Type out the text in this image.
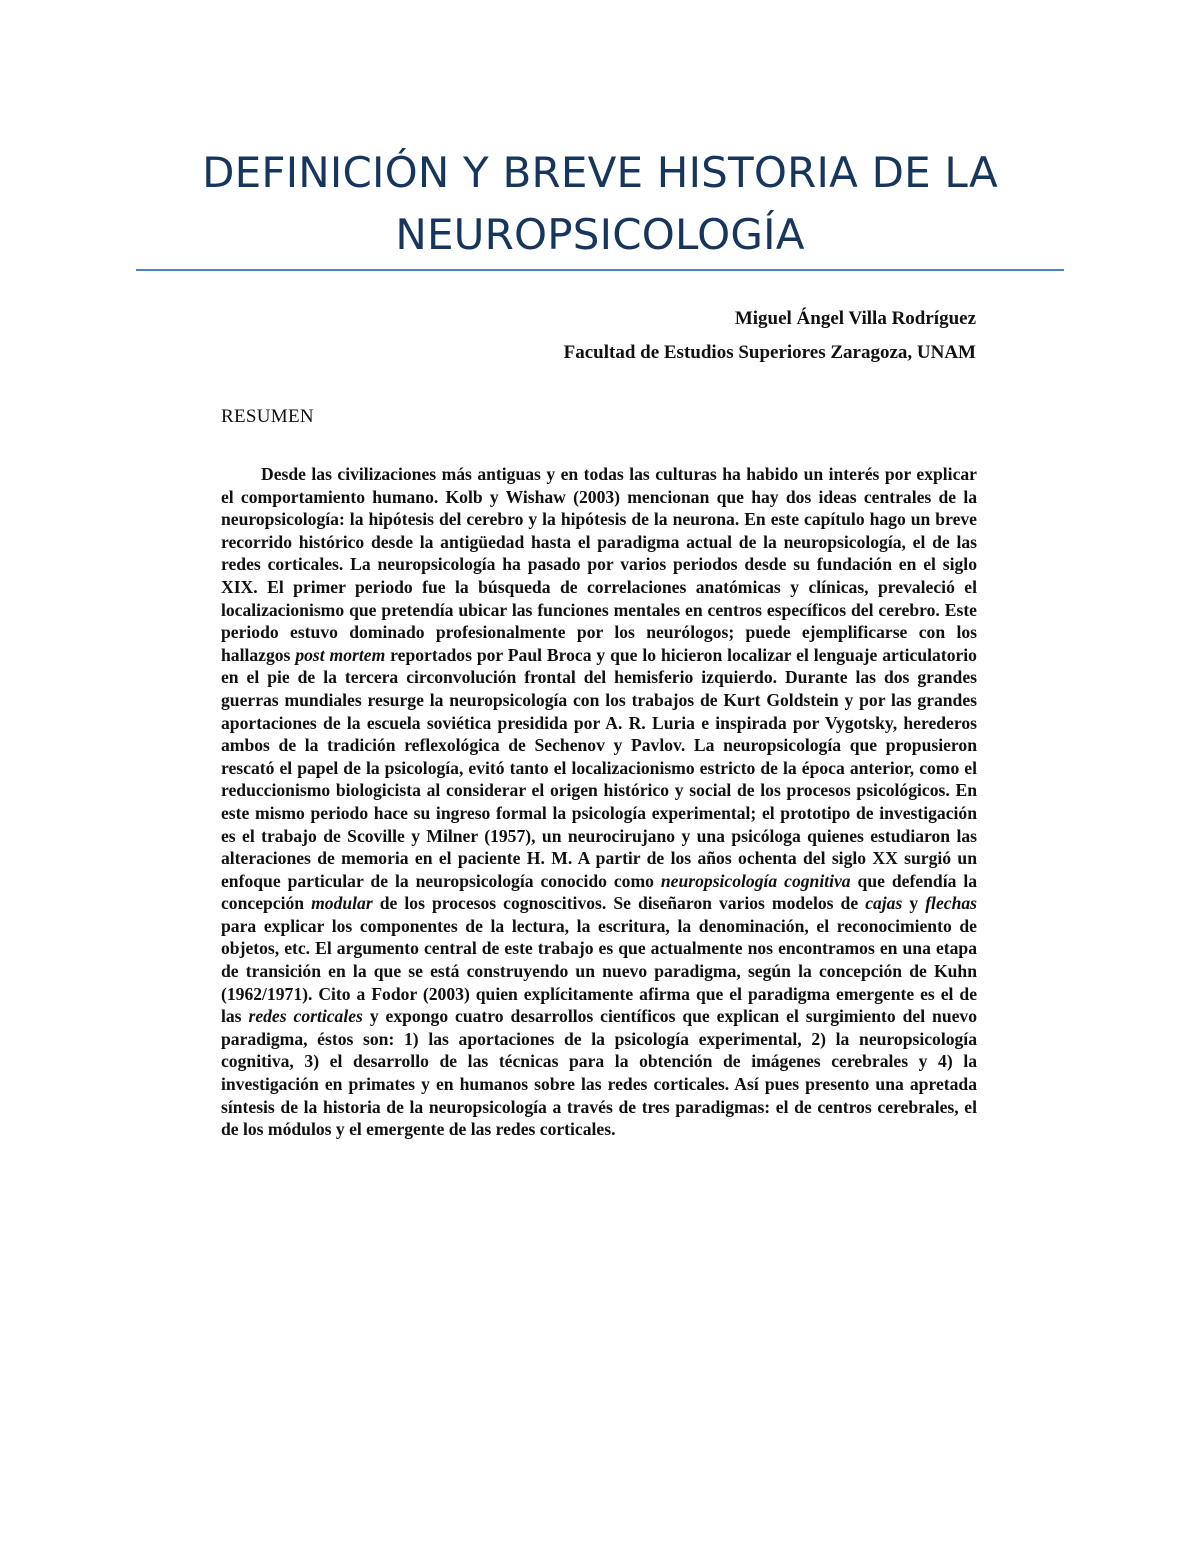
DEFINICIÓN Y BREVE HISTORIA DE LA
NEUROPSICOLOGÍA
Miguel Ángel Villa Rodríguez
Facultad de Estudios Superiores Zaragoza, UNAM
RESUMEN

Desde las civilizaciones más antiguas y en todas las culturas ha habido un interés por explicar el comportamiento humano. Kolb y Wishaw (2003) mencionan que hay dos ideas centrales de la neuropsicología: la hipótesis del cerebro y la hipótesis de la neurona. En este capítulo hago un breve recorrido histórico desde la antigüedad hasta el paradigma actual de la neuropsicología, el de las redes corticales. La neuropsicología ha pasado por varios periodos desde su fundación en el siglo XIX. El primer periodo fue la búsqueda de correlaciones anatómicas y clínicas, prevaleció el localizacionismo que pretendía ubicar las funciones mentales en centros específicos del cerebro. Este periodo estuvo dominado profesionalmente por los neurólogos; puede ejemplificarse con los hallazgos post mortem reportados por Paul Broca y que lo hicieron localizar el lenguaje articulatorio en el pie de la tercera circonvolución frontal del hemisferio izquierdo. Durante las dos grandes guerras mundiales resurge la neuropsicología con los trabajos de Kurt Goldstein y por las grandes aportaciones de la escuela soviética presidida por A. R. Luria e inspirada por Vygotsky, herederos ambos de la tradición reflexológica de Sechenov y Pavlov. La neuropsicología que propusieron rescató el papel de la psicología, evitó tanto el localizacionismo estricto de la época anterior, como el reduccionismo biologicista al considerar el origen histórico y social de los procesos psicológicos. En este mismo periodo hace su ingreso formal la psicología experimental; el prototipo de investigación es el trabajo de Scoville y Milner (1957), un neurocirujano y una psicóloga quienes estudiaron las alteraciones de memoria en el paciente H. M. A partir de los años ochenta del siglo XX surgió un enfoque particular de la neuropsicología conocido como neuropsicología cognitiva que defendía la concepción modular de los procesos cognoscitivos. Se diseñaron varios modelos de cajas y flechas para explicar los componentes de la lectura, la escritura, la denominación, el reconocimiento de objetos, etc. El argumento central de este trabajo es que actualmente nos encontramos en una etapa de transición en la que se está construyendo un nuevo paradigma, según la concepción de Kuhn (1962/1971). Cito a Fodor (2003) quien explícitamente afirma que el paradigma emergente es el de las redes corticales y expongo cuatro desarrollos científicos que explican el surgimiento del nuevo paradigma, éstos son: 1) las aportaciones de la psicología experimental, 2) la neuropsicología cognitiva, 3) el desarrollo de las técnicas para la obtención de imágenes cerebrales y 4) la investigación en primates y en humanos sobre las redes corticales. Así pues presento una apretada síntesis de la historia de la neuropsicología a través de tres paradigmas: el de centros cerebrales, el de los módulos y el emergente de las redes corticales.
